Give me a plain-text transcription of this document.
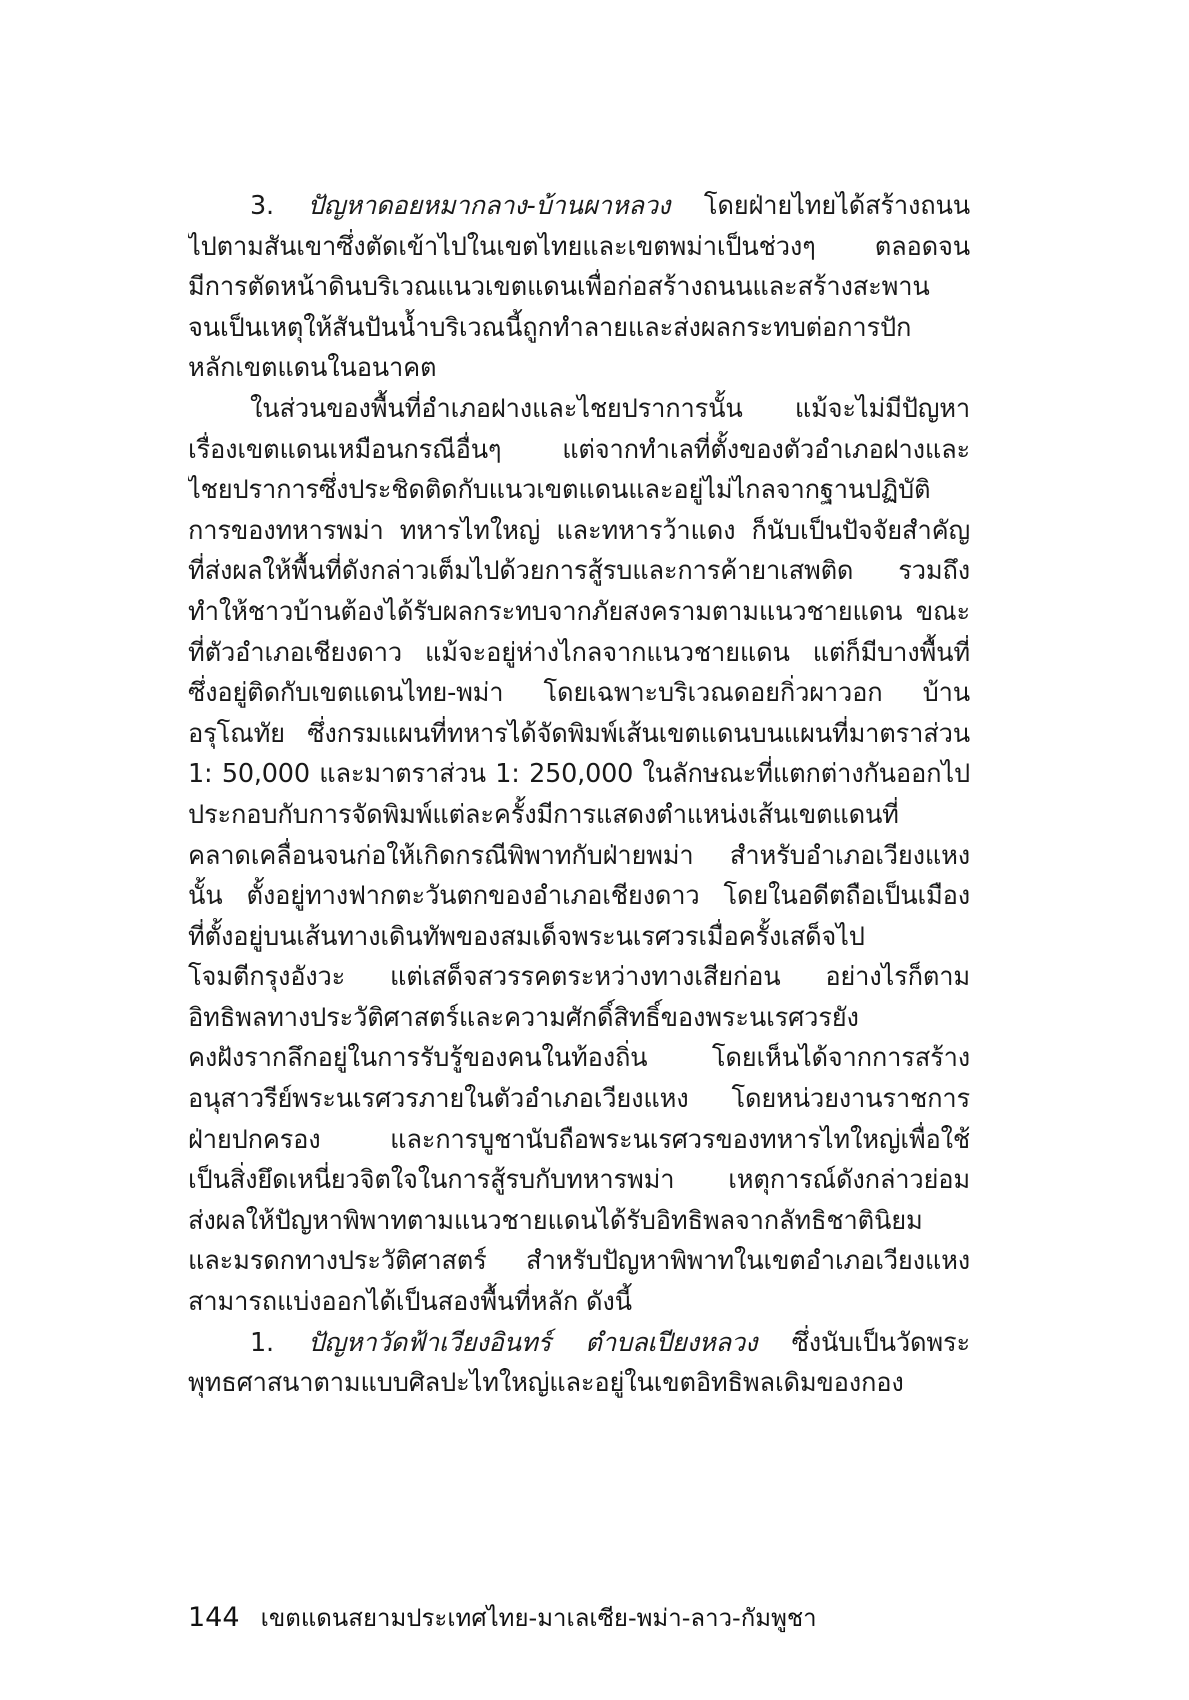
3. ปัญหาดอยหมากลาง-บ้านผาหลวง โดยฝ่ายไทยได้สร้างถนน
ไปตามสันเขาซึ่งตัดเข้าไปในเขตไทยและเขตพม่าเป็นช่วงๆ ตลอดจน
มีการตัดหน้าดินบริเวณแนวเขตแดนเพื่อก่อสร้างถนนและสร้างสะพาน
จนเป็นเหตุให้สันปันน้ำบริเวณนี้ถูกทำลายและส่งผลกระทบต่อการปัก
หลักเขตแดนในอนาคต
ในส่วนของพื้นที่อำเภอฝางและไชยปราการนั้น แม้จะไม่มีปัญหา
เรื่องเขตแดนเหมือนกรณีอื่นๆ แต่จากทำเลที่ตั้งของตัวอำเภอฝางและ
ไชยปราการซึ่งประชิดติดกับแนวเขตแดนและอยู่ไม่ไกลจากฐานปฏิบัติ
การของทหารพม่า ทหารไทใหญ่ และทหารว้าแดง ก็นับเป็นปัจจัยสำคัญ
ที่ส่งผลให้พื้นที่ดังกล่าวเต็มไปด้วยการสู้รบและการค้ายาเสพติด รวมถึง
ทำให้ชาวบ้านต้องได้รับผลกระทบจากภัยสงครามตามแนวชายแดน ขณะ
ที่ตัวอำเภอเชียงดาว แม้จะอยู่ห่างไกลจากแนวชายแดน แต่ก็มีบางพื้นที่
ซึ่งอยู่ติดกับเขตแดนไทย-พม่า โดยเฉพาะบริเวณดอยกิ่วผาวอก บ้าน
อรุโณทัย ซึ่งกรมแผนที่ทหารได้จัดพิมพ์เส้นเขตแดนบนแผนที่มาตราส่วน
1: 50,000 และมาตราส่วน 1: 250,000 ในลักษณะที่แตกต่างกันออกไป
ประกอบกับการจัดพิมพ์แต่ละครั้งมีการแสดงตำแหน่งเส้นเขตแดนที่
คลาดเคลื่อนจนก่อให้เกิดกรณีพิพาทกับฝ่ายพม่า สำหรับอำเภอเวียงแหง
นั้น ตั้งอยู่ทางฟากตะวันตกของอำเภอเชียงดาว โดยในอดีตถือเป็นเมือง
ที่ตั้งอยู่บนเส้นทางเดินทัพของสมเด็จพระนเรศวรเมื่อครั้งเสด็จไป
โจมตีกรุงอังวะ แต่เสด็จสวรรคตระหว่างทางเสียก่อน อย่างไรก็ตาม
อิทธิพลทางประวัติศาสตร์และความศักดิ์สิทธิ์ของพระนเรศวรยัง
คงฝังรากลึกอยู่ในการรับรู้ของคนในท้องถิ่น โดยเห็นได้จากการสร้าง
อนุสาวรีย์พระนเรศวรภายในตัวอำเภอเวียงแหง โดยหน่วยงานราชการ
ฝ่ายปกครอง และการบูชานับถือพระนเรศวรของทหารไทใหญ่เพื่อใช้
เป็นสิ่งยึดเหนี่ยวจิตใจในการสู้รบกับทหารพม่า เหตุการณ์ดังกล่าวย่อม
ส่งผลให้ปัญหาพิพาทตามแนวชายแดนได้รับอิทธิพลจากลัทธิชาตินิยม
และมรดกทางประวัติศาสตร์ สำหรับปัญหาพิพาทในเขตอำเภอเวียงแหง
สามารถแบ่งออกได้เป็นสองพื้นที่หลัก ดังนี้
1. ปัญหาวัดฟ้าเวียงอินทร์ ตำบลเปียงหลวง ซึ่งนับเป็นวัดพระ
พุทธศาสนาตามแบบศิลปะไทใหญ่และอยู่ในเขตอิทธิพลเดิมของกอง
144 เขตแดนสยามประเทศไทย-มาเลเซีย-พม่า-ลาว-กัมพูชา
